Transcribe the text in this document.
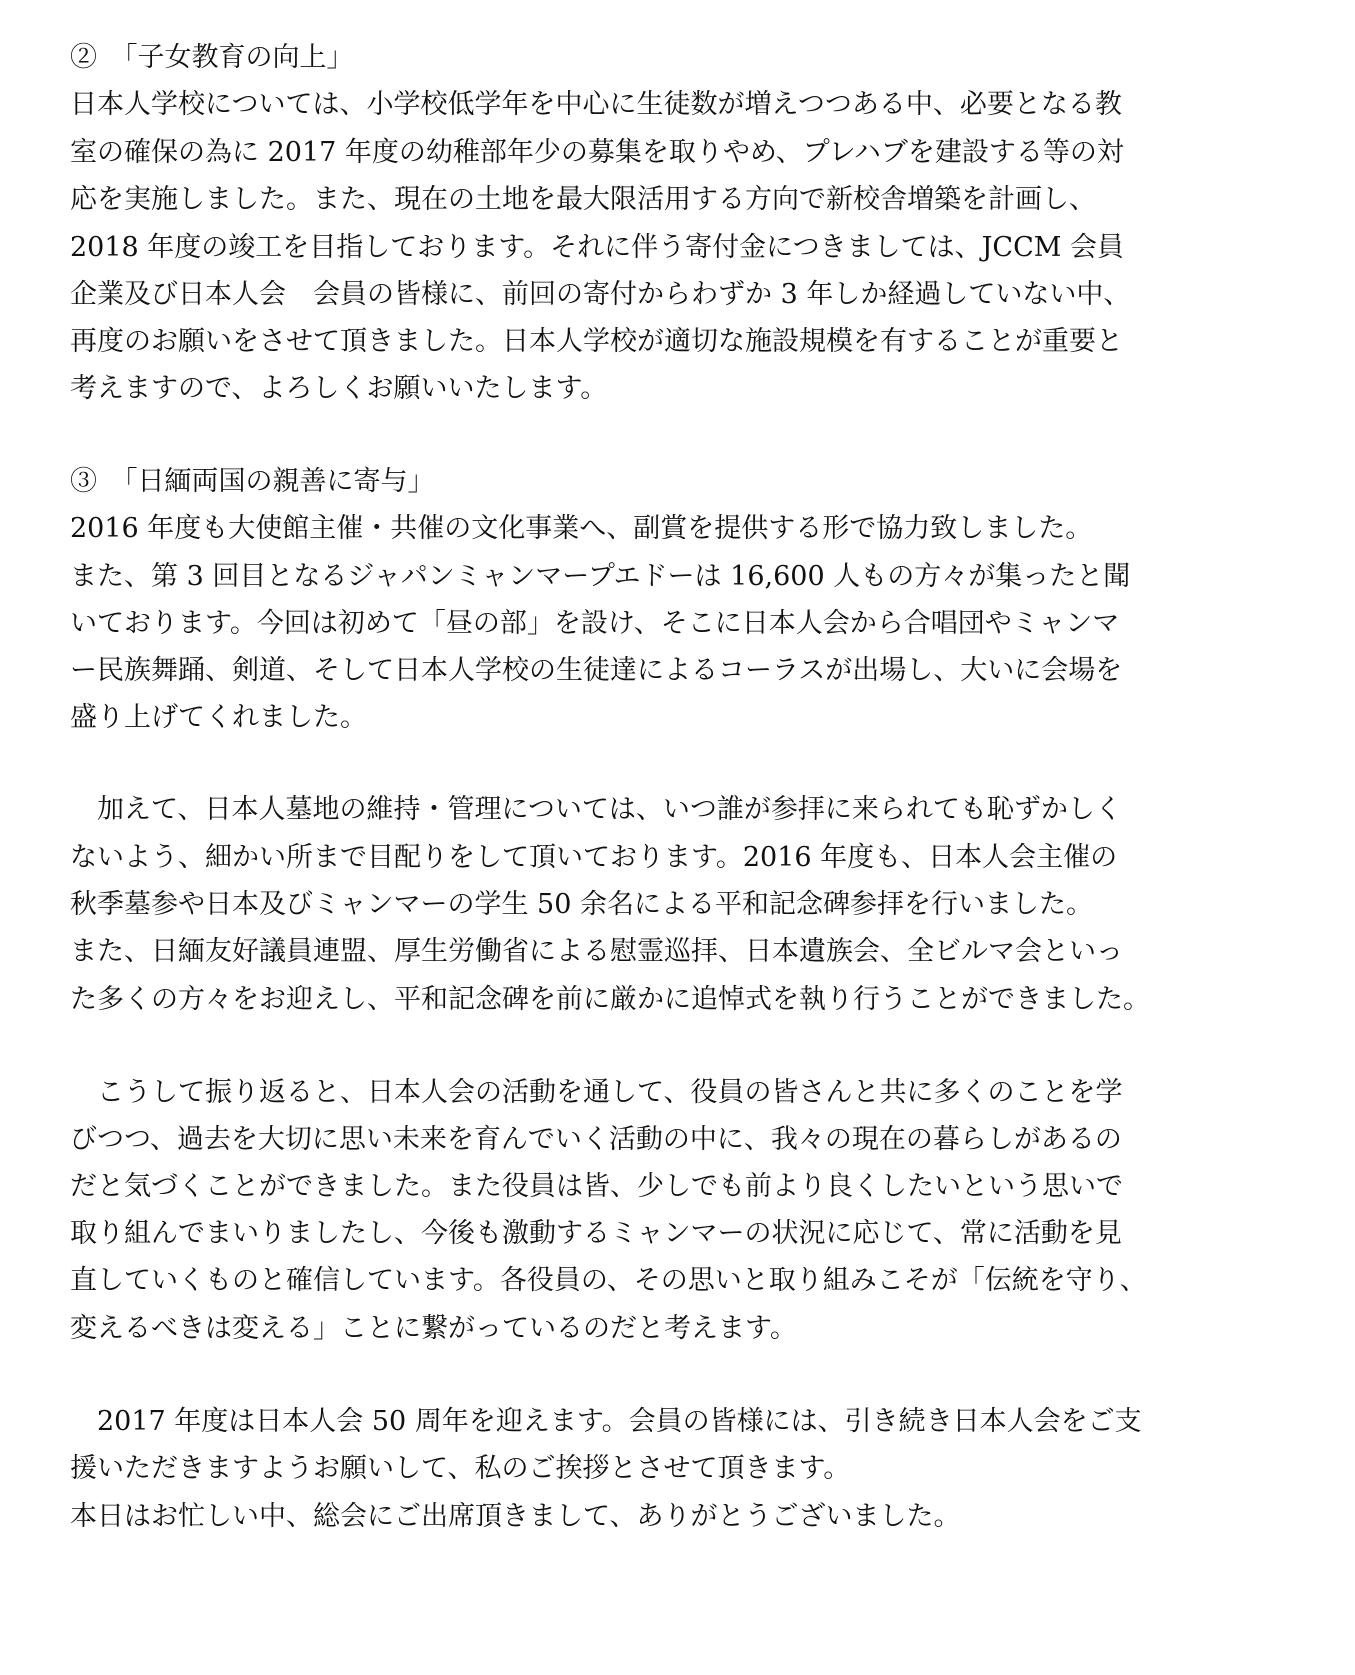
②　「子女教育の向上」

日本人学校については、小学校低学年を中心に生徒数が増えつつある中、必要となる教

室の確保の為に 2017 年度の幼稚部年少の募集を取りやめ、プレハブを建設する等の対

応を実施しました。また、現在の土地を最大限活用する方向で新校舎増築を計画し、

2018 年度の竣工を目指しております。それに伴う寄付金につきましては、JCCM 会員

企業及び日本人会　会員の皆様に、前回の寄付からわずか 3 年しか経過していない中、

再度のお願いをさせて頂きました。日本人学校が適切な施設規模を有することが重要と

考えますので、よろしくお願いいたします。

③　「日緬両国の親善に寄与」

2016 年度も大使館主催・共催の文化事業へ、副賞を提供する形で協力致しました。

また、第 3 回目となるジャパンミャンマープエドーは 16,600 人もの方々が集ったと聞

いております。今回は初めて「昼の部」を設け、そこに日本人会から合唱団やミャンマ

ー民族舞踊、剣道、そして日本人学校の生徒達によるコーラスが出場し、大いに会場を

盛り上げてくれました。

　加えて、日本人墓地の維持・管理については、いつ誰が参拝に来られても恥ずかしく

ないよう、細かい所まで目配りをして頂いております。2016 年度も、日本人会主催の

秋季墓参や日本及びミャンマーの学生 50 余名による平和記念碑参拝を行いました。

また、日緬友好議員連盟、厚生労働省による慰霊巡拝、日本遺族会、全ビルマ会といっ

た多くの方々をお迎えし、平和記念碑を前に厳かに追悼式を執り行うことができました。

　こうして振り返ると、日本人会の活動を通して、役員の皆さんと共に多くのことを学

びつつ、過去を大切に思い未来を育んでいく活動の中に、我々の現在の暮らしがあるの

だと気づくことができました。また役員は皆、少しでも前より良くしたいという思いで

取り組んでまいりましたし、今後も激動するミャンマーの状況に応じて、常に活動を見

直していくものと確信しています。各役員の、その思いと取り組みこそが「伝統を守り、

変えるべきは変える」ことに繋がっているのだと考えます。

　2017 年度は日本人会 50 周年を迎えます。会員の皆様には、引き続き日本人会をご支

援いただきますようお願いして、私のご挨拶とさせて頂きます。

本日はお忙しい中、総会にご出席頂きまして、ありがとうございました。
